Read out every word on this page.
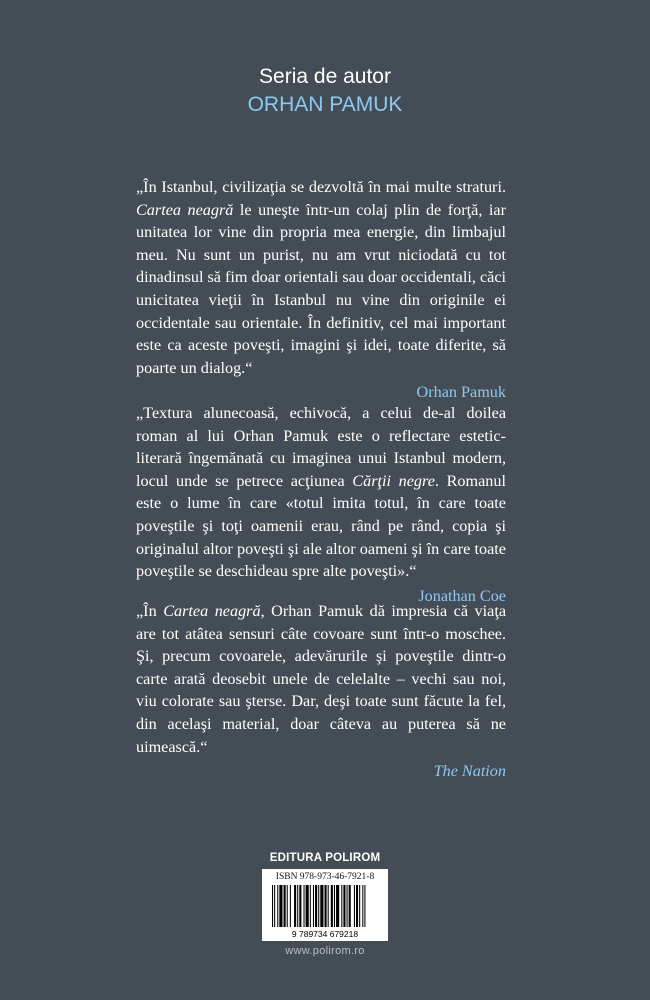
Seria de autor
ORHAN PAMUK

„În Istanbul, civilizaţia se dezvoltă în mai multe straturi. Cartea neagră le uneşte într-un colaj plin de forţă, iar unitatea lor vine din propria mea energie, din limbajul meu. Nu sunt un purist, nu am vrut niciodată cu tot dinadinsul să fim doar orientali sau doar occidentali, căci unicitatea vieţii în Istanbul nu vine din originile ei occidentale sau orientale. În definitiv, cel mai important este ca aceste poveşti, imagini şi idei, toate diferite, să poarte un dialog.“

Orhan Pamuk

„Textura alunecoasă, echivocă, a celui de-al doilea roman al lui Orhan Pamuk este o reflectare estetic-literară îngemănată cu imaginea unui Istanbul modern, locul unde se petrece acţiunea Cărţii negre. Romanul este o lume în care «totul imita totul, în care toate poveştile şi toţi oamenii erau, rând pe rând, copia şi originalul altor poveşti şi ale altor oameni şi în care toate poveştile se deschideau spre alte poveşti».“

Jonathan Coe

„În Cartea neagră, Orhan Pamuk dă impresia că viaţa are tot atâtea sensuri câte covoare sunt într-o moschee. Şi, precum covoarele, adevărurile şi poveştile dintr-o carte arată deosebit unele de celelalte – vechi sau noi, viu colorate sau şterse. Dar, deşi toate sunt făcute la fel, din acelaşi material, doar câteva au puterea să ne uimească.“

The Nation
EDITURA POLIROM
ISBN 978-973-46-7921-8
9 789734 679218
www.polirom.ro
